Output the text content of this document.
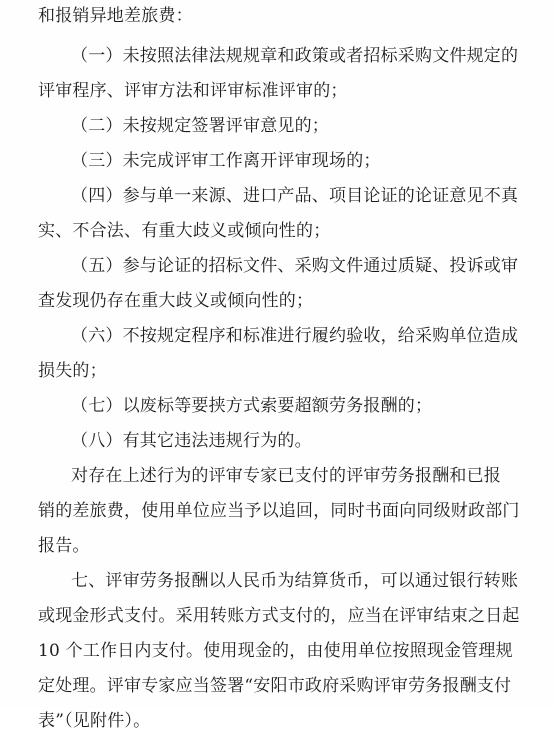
和报销异地差旅费：
（一）未按照法律法规规章和政策或者招标采购文件规定的
评审程序、评审方法和评审标准评审的；
（二）未按规定签署评审意见的；
（三）未完成评审工作离开评审现场的；
（四）参与单一来源、进口产品、项目论证的论证意见不真
实、不合法、有重大歧义或倾向性的；
（五）参与论证的招标文件、采购文件通过质疑、投诉或审
查发现仍存在重大歧义或倾向性的；
（六）不按规定程序和标准进行履约验收，给采购单位造成
损失的；
（七）以废标等要挟方式索要超额劳务报酬的；
（八）有其它违法违规行为的。
对存在上述行为的评审专家已支付的评审劳务报酬和已报
销的差旅费，使用单位应当予以追回，同时书面向同级财政部门
报告。
七、评审劳务报酬以人民币为结算货币，可以通过银行转账
或现金形式支付。采用转账方式支付的，应当在评审结束之日起
10 个工作日内支付。使用现金的，由使用单位按照现金管理规
定处理。评审专家应当签署“安阳市政府采购评审劳务报酬支付
表”（见附件）。
